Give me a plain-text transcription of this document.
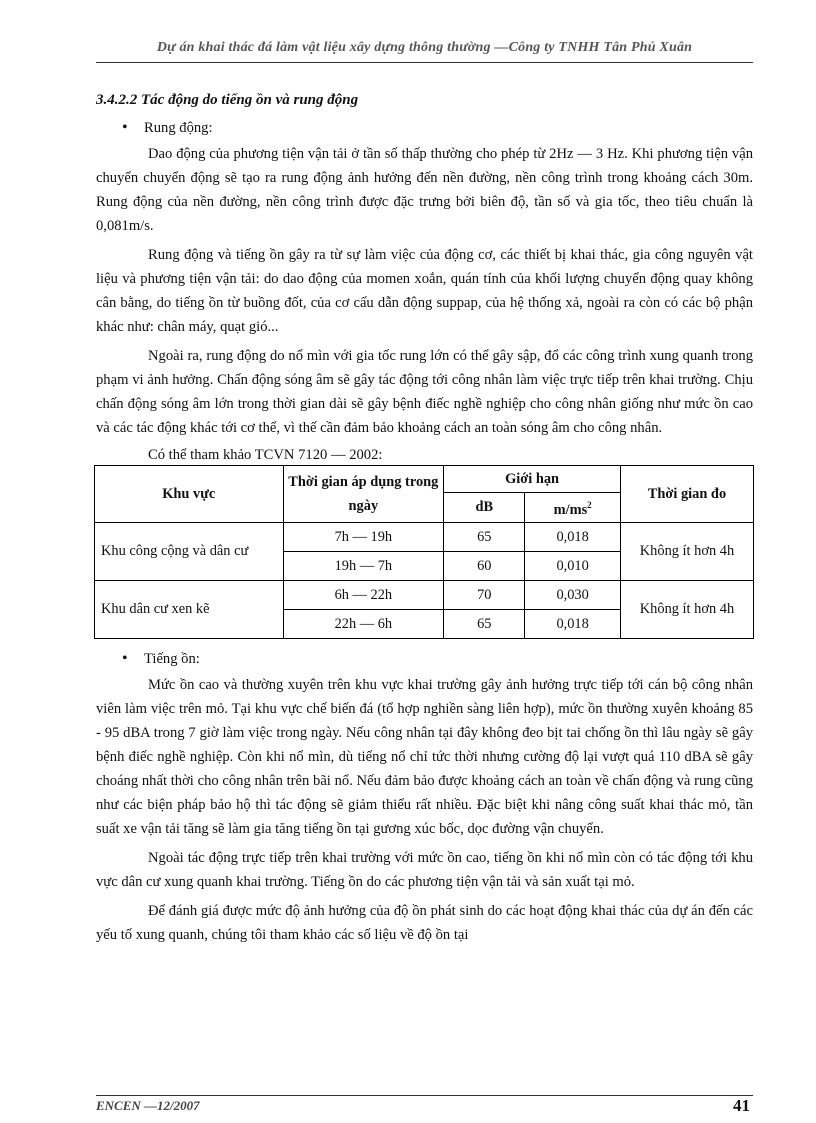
Dự án khai thác đá làm vật liệu xây dựng thông thường —Công ty TNHH Tân Phú Xuân
3.4.2.2 Tác động do tiếng ồn và rung động
•	Rung động:

Dao động của phương tiện vận tải ở tần số thấp thường cho phép từ 2Hz — 3 Hz. Khi phương tiện vận chuyển chuyển động sẽ tạo ra rung động ảnh hưởng đến nền đường, nền công trình trong khoảng cách 30m. Rung động của nền đường, nền công trình được đặc trưng bởi biên độ, tần số và gia tốc, theo tiêu chuẩn là 0,081m/s.

Rung động và tiếng ồn gây ra từ sự làm việc của động cơ, các thiết bị khai thác, gia công nguyên vật liệu và phương tiện vận tải: do dao động của momen xoắn, quán tính của khối lượng chuyển động quay không cân bằng, do tiếng ồn từ buồng đốt, của cơ cấu dẫn động suppap, của hệ thống xả, ngoài ra còn có các bộ phận khác như: chân máy, quạt gió...

Ngoài ra, rung động do nổ mìn với gia tốc rung lớn có thể gây sập, đổ các công trình xung quanh trong phạm vi ảnh hưởng. Chấn động sóng âm sẽ gây tác động tới công nhân làm việc trực tiếp trên khai trường. Chịu chấn động sóng âm lớn trong thời gian dài sẽ gây bệnh điếc nghề nghiệp cho công nhân giống như mức ồn cao và các tác động khác tới cơ thể, vì thế cần đảm bảo khoảng cách an toàn sóng âm cho công nhân.

Có thể tham khảo TCVN 7120 — 2002:

Khu vực	Thời gian áp dụng trong ngày	Giới hạn		Thời gian đo
		dB	$m/ms^2$
Khu công cộng và dân cư	7h — 19h	65	0,018	Không ít hơn 4h
	19h — 7h	60	0,010	
Khu dân cư xen kẽ	6h — 22h	70	0,030	Không ít hơn 4h
	22h — 6h	65	0,018	
•	Tiếng ồn:

Mức ồn cao và thường xuyên trên khu vực khai trường gây ảnh hưởng trực tiếp tới cán bộ công nhân viên làm việc trên mỏ. Tại khu vực chế biến đá (tổ hợp nghiền sàng liên hợp), mức ồn thường xuyên khoảng 85 - 95 dBA trong 7 giờ làm việc trong ngày. Nếu công nhân tại đây không đeo bịt tai chống ồn thì lâu ngày sẽ gây bệnh điếc nghề nghiệp. Còn khi nổ mìn, dù tiếng nổ chỉ tức thời nhưng cường độ lại vượt quá 110 dBA sẽ gây choáng nhất thời cho công nhân trên bãi nổ. Nếu đảm bảo được khoảng cách an toàn về chấn động và rung cũng như các biện pháp bảo hộ thì tác động sẽ giảm thiểu rất nhiều. Đặc biệt khi nâng công suất khai thác mỏ, tần suất xe vận tải tăng sẽ làm gia tăng tiếng ồn tại gương xúc bốc, dọc đường vận chuyển.

Ngoài tác động trực tiếp trên khai trường với mức ồn cao, tiếng ồn khi nổ mìn còn có tác động tới khu vực dân cư xung quanh khai trường. Tiếng ồn do các phương tiện vận tải và sản xuất tại mỏ.

Để đánh giá được mức độ ảnh hưởng của độ ồn phát sinh do các hoạt động khai thác của dự án đến các yếu tố xung quanh, chúng tôi tham khảo các số liệu về độ ồn tại

ENCEN —12/2007	41
